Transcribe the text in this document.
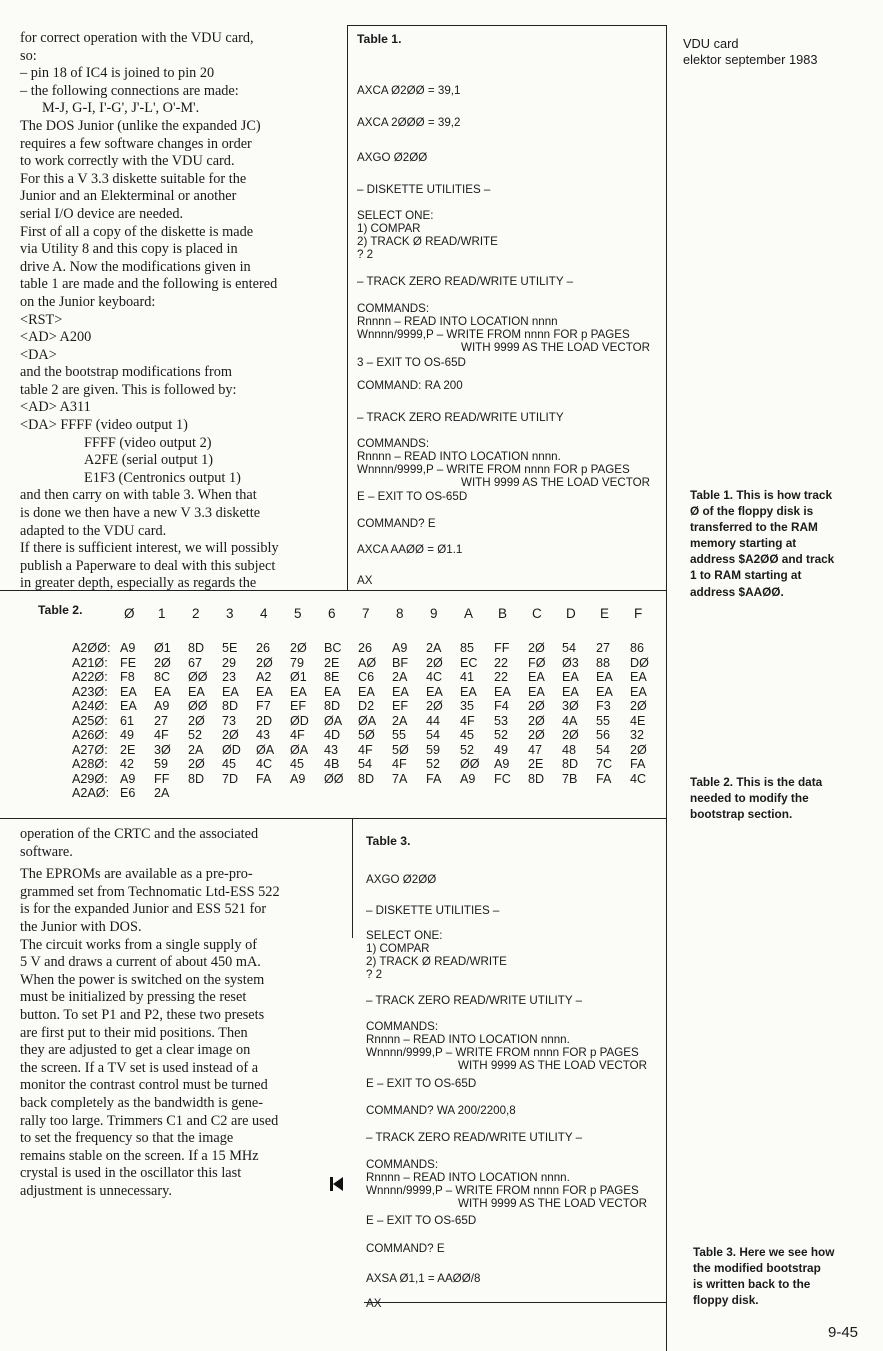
VDU card
elektor september 1983
for correct operation with the VDU card,
so:
– pin 18 of IC4 is joined to pin 20
– the following connections are made:
M-J, G-I, I'-G', J'-L', O'-M'.
The DOS Junior (unlike the expanded JC)
requires a few software changes in order
to work correctly with the VDU card.
For this a V 3.3 diskette suitable for the
Junior and an Elekterminal or another
serial I/O device are needed.
First of all a copy of the diskette is made
via Utility 8 and this copy is placed in
drive A. Now the modifications given in
table 1 are made and the following is entered
on the Junior keyboard:
<RST>
<AD> A200
<DA>
and the bootstrap modifications from
table 2 are given. This is followed by:
<AD> A311
<DA> FFFF (video output 1)
FFFF (video output 2)
A2FE (serial output 1)
E1F3 (Centronics output 1)
and then carry on with table 3. When that
is done we then have a new V 3.3 diskette
adapted to the VDU card.
If there is sufficient interest, we will possibly
publish a Paperware to deal with this subject
in greater depth, especially as regards the
Table 1.
AXCA Ø2ØØ = 39,1
AXCA 2ØØØ = 39,2
AXGO Ø2ØØ
– DISKETTE UTILITIES –
SELECT ONE:
1) COMPAR
2) TRACK Ø READ/WRITE
? 2
– TRACK ZERO READ/WRITE UTILITY –
COMMANDS:
Rnnnn – READ INTO LOCATION nnnn
Wnnnn/9999,P – WRITE FROM nnnn FOR p PAGES
WITH 9999 AS THE LOAD VECTOR
3 – EXIT TO OS-65D
COMMAND: RA 200
– TRACK ZERO READ/WRITE UTILITY
COMMANDS:
Rnnnn – READ INTO LOCATION nnnn.
Wnnnn/9999,P – WRITE FROM nnnn FOR p PAGES
WITH 9999 AS THE LOAD VECTOR
E – EXIT TO OS-65D
COMMAND? E
AXCA AAØØ = Ø1.1
AX
Table 1. This is how track
Ø of the floppy disk is
transferred to the RAM
memory starting at
address $A2ØØ and track
1 to RAM starting at
address $AAØØ.
Table 2.	Ø 1 2 3 4 5 6 7 8 9 A B C D E F
A2ØØ: A9 Ø1 8D 5E 26 2Ø BC 26 A9 2A 85 FF 2Ø 54 27 86
A21Ø: FE 2Ø 67 29 2Ø 79 2E AØ BF 2Ø EC 22 FØ Ø3 88 DØ
A22Ø: F8 8C ØØ 23 A2 Ø1 8E C6 2A 4C 41 22 EA EA EA EA
A23Ø: EA EA EA EA EA EA EA EA EA EA EA EA EA EA EA EA
A24Ø: EA A9 ØØ 8D F7 EF 8D D2 EF 2Ø 35 F4 2Ø 3Ø F3 2Ø
A25Ø: 61 27 2Ø 73 2D ØD ØA ØA 2A 44 4F 53 2Ø 4A 55 4E
A26Ø: 49 4F 52 2Ø 43 4F 4D 5Ø 55 54 45 52 2Ø 2Ø 56 32
A27Ø: 2E 3Ø 2A ØD ØA ØA 43 4F 5Ø 59 52 49 47 48 54 2Ø
A28Ø: 42 59 2Ø 45 4C 45 4B 54 4F 52 ØØ A9 2E 8D 7C FA
A29Ø: A9 FF 8D 7D FA A9 ØØ 8D 7A FA A9 FC 8D 7B FA 4C
A2AØ: E6 2A
Table 2. This is the data
needed to modify the
bootstrap section.
operation of the CRTC and the associated
software.
The EPROMs are available as a pre-pro-
grammed set from Technomatic Ltd-ESS 522
is for the expanded Junior and ESS 521 for
the Junior with DOS.
The circuit works from a single supply of
5 V and draws a current of about 450 mA.
When the power is switched on the system
must be initialized by pressing the reset
button. To set P1 and P2, these two presets
are first put to their mid positions. Then
they are adjusted to get a clear image on
the screen. If a TV set is used instead of a
monitor the contrast control must be turned
back completely as the bandwidth is gene-
rally too large. Trimmers C1 and C2 are used
to set the frequency so that the image
remains stable on the screen. If a 15 MHz
crystal is used in the oscillator this last
adjustment is unnecessary.
Table 3.
AXGO Ø2ØØ
– DISKETTE UTILITIES –
SELECT ONE:
1) COMPAR
2) TRACK Ø READ/WRITE
? 2
– TRACK ZERO READ/WRITE UTILITY –
COMMANDS:
Rnnnn – READ INTO LOCATION nnnn.
Wnnnn/9999,P – WRITE FROM nnnn FOR p PAGES
WITH 9999 AS THE LOAD VECTOR
E – EXIT TO OS-65D
COMMAND? WA 200/2200,8
– TRACK ZERO READ/WRITE UTILITY –
COMMANDS:
Rnnnn – READ INTO LOCATION nnnn.
Wnnnn/9999,P – WRITE FROM nnnn FOR p PAGES
WITH 9999 AS THE LOAD VECTOR
E – EXIT TO OS-65D
COMMAND? E
AXSA Ø1,1 = AAØØ/8
AX
Table 3. Here we see how
the modified bootstrap
is written back to the
floppy disk.
9-45
